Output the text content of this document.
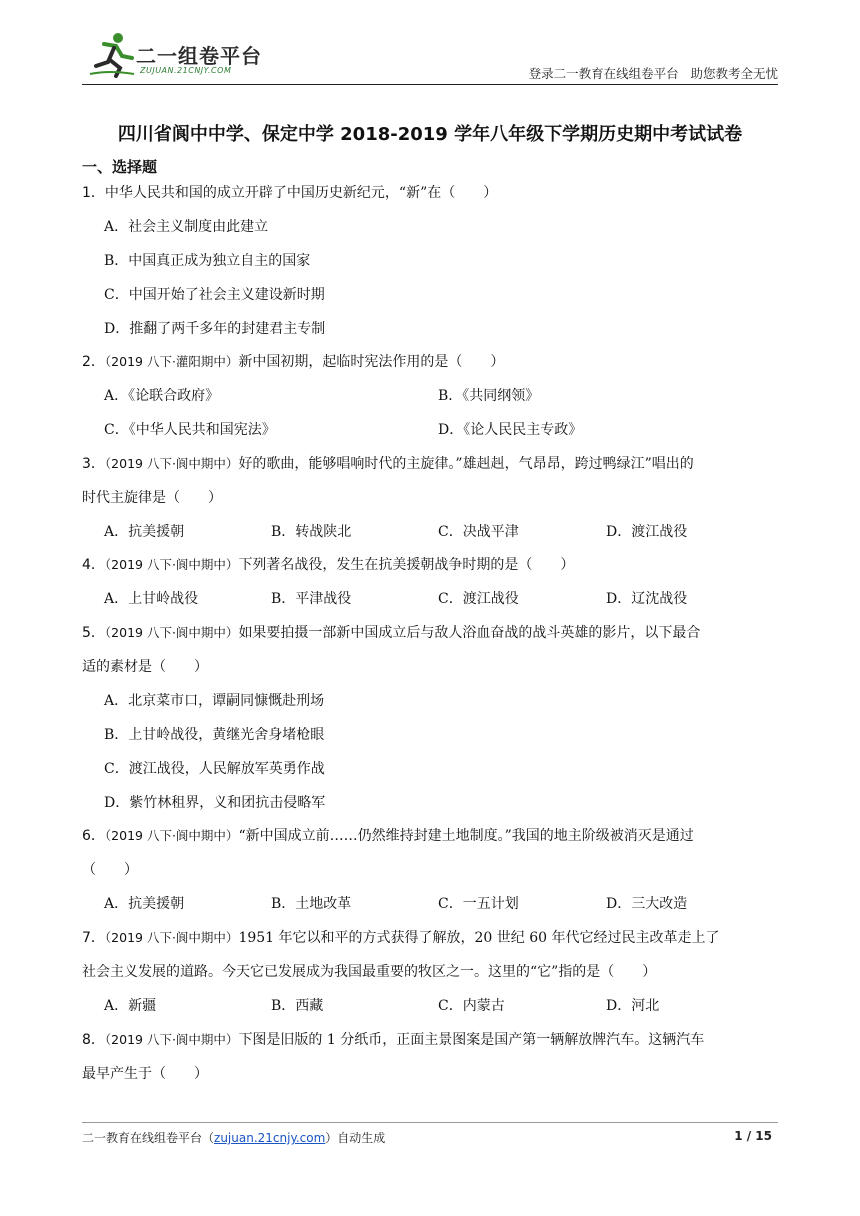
二一组卷平台
ZUJUAN.21CNJY.COM	登录二一教育在线组卷平台   助您教考全无忧
四川省阆中中学、保定中学 2018-2019 学年八年级下学期历史期中考试试卷
一、选择题
1．中华人民共和国的成立开辟了中国历史新纪元，“新”在（　　）
A．社会主义制度由此建立
B．中国真正成为独立自主的国家
C．中国开始了社会主义建设新时期
D．推翻了两千多年的封建君主专制
2．（2019 八下·灌阳期中）新中国初期，起临时宪法作用的是（　　）
A．《论联合政府》	B．《共同纲领》
C．《中华人民共和国宪法》	D．《论人民民主专政》
3．（2019 八下·阆中期中）好的歌曲，能够唱响时代的主旋律。”雄赳赳，气昂昂，跨过鸭绿江”唱出的
时代主旋律是（　　）
A．抗美援朝	B．转战陕北	C．决战平津	D．渡江战役
4．（2019 八下·阆中期中）下列著名战役，发生在抗美援朝战争时期的是（　　）
A．上甘岭战役	B．平津战役	C．渡江战役	D．辽沈战役
5．（2019 八下·阆中期中）如果要拍摄一部新中国成立后与敌人浴血奋战的战斗英雄的影片，以下最合
适的素材是（　　）
A．北京菜市口，谭嗣同慷慨赴刑场
B．上甘岭战役，黄继光舍身堵枪眼
C．渡江战役，人民解放军英勇作战
D．紫竹林租界，义和团抗击侵略军
6．（2019 八下·阆中期中）“新中国成立前……仍然维持封建土地制度。”我国的地主阶级被消灭是通过
（　　）
A．抗美援朝	B．土地改革	C．一五计划	D．三大改造
7．（2019 八下·阆中期中）1951 年它以和平的方式获得了解放，20 世纪 60 年代它经过民主改革走上了
社会主义发展的道路。今天它已发展成为我国最重要的牧区之一。这里的“它”指的是（　　）
A．新疆	B．西藏	C．内蒙古	D．河北
8．（2019 八下·阆中期中）下图是旧版的 1 分纸币，正面主景图案是国产第一辆解放牌汽车。这辆汽车
最早产生于（　　）
二一教育在线组卷平台（zujuan.21cnjy.com）自动生成	1 / 15
